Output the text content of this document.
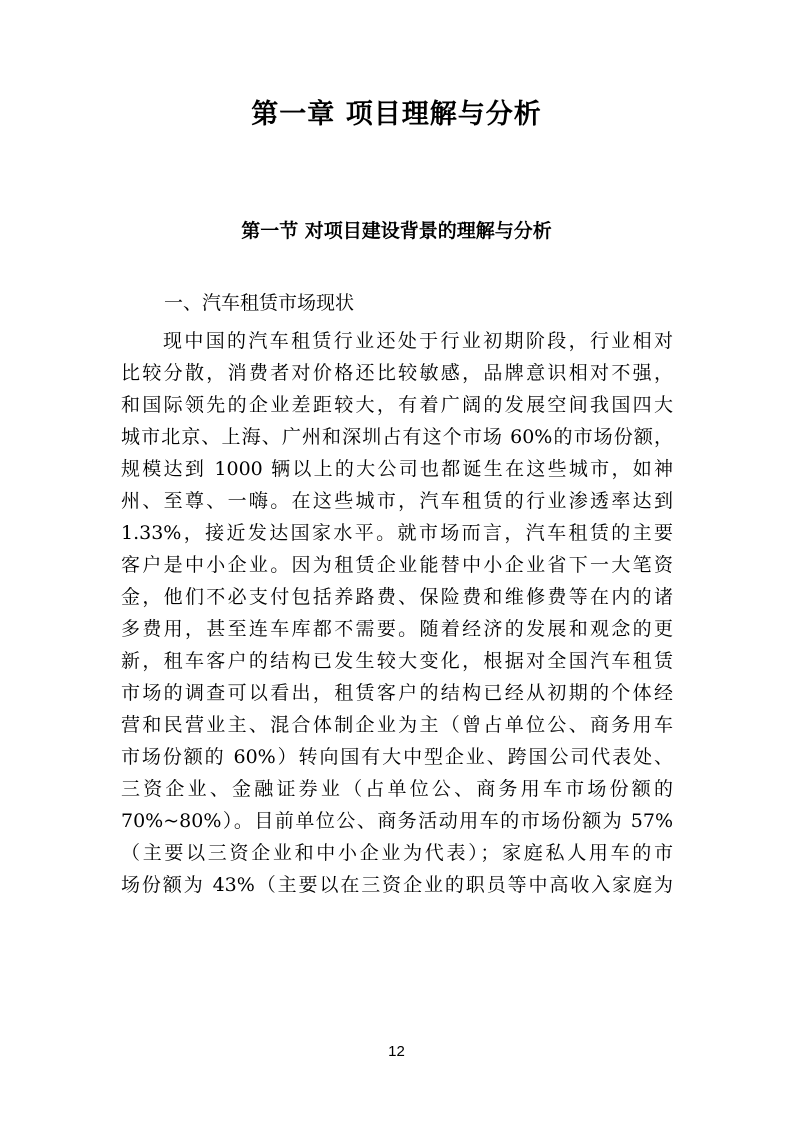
第一章 项目理解与分析
第一节 对项目建设背景的理解与分析

一、汽车租赁市场现状

现中国的汽车租赁行业还处于行业初期阶段，行业相对
比较分散，消费者对价格还比较敏感，品牌意识相对不强，
和国际领先的企业差距较大，有着广阔的发展空间我国四大
城市北京、上海、广州和深圳占有这个市场 60%的市场份额，
规模达到 1000 辆以上的大公司也都诞生在这些城市，如神
州、至尊、一嗨。在这些城市，汽车租赁的行业渗透率达到
1.33%，接近发达国家水平。就市场而言，汽车租赁的主要
客户是中小企业。因为租赁企业能替中小企业省下一大笔资
金，他们不必支付包括养路费、保险费和维修费等在内的诸
多费用，甚至连车库都不需要。随着经济的发展和观念的更
新，租车客户的结构已发生较大变化，根据对全国汽车租赁
市场的调查可以看出，租赁客户的结构已经从初期的个体经
营和民营业主、混合体制企业为主（曾占单位公、商务用车
市场份额的 60%）转向国有大中型企业、跨国公司代表处、
三资企业、金融证券业（占单位公、商务用车市场份额的
70%~80%）。目前单位公、商务活动用车的市场份额为 57%
（主要以三资企业和中小企业为代表）；家庭私人用车的市
场份额为 43%（主要以在三资企业的职员等中高收入家庭为
12
